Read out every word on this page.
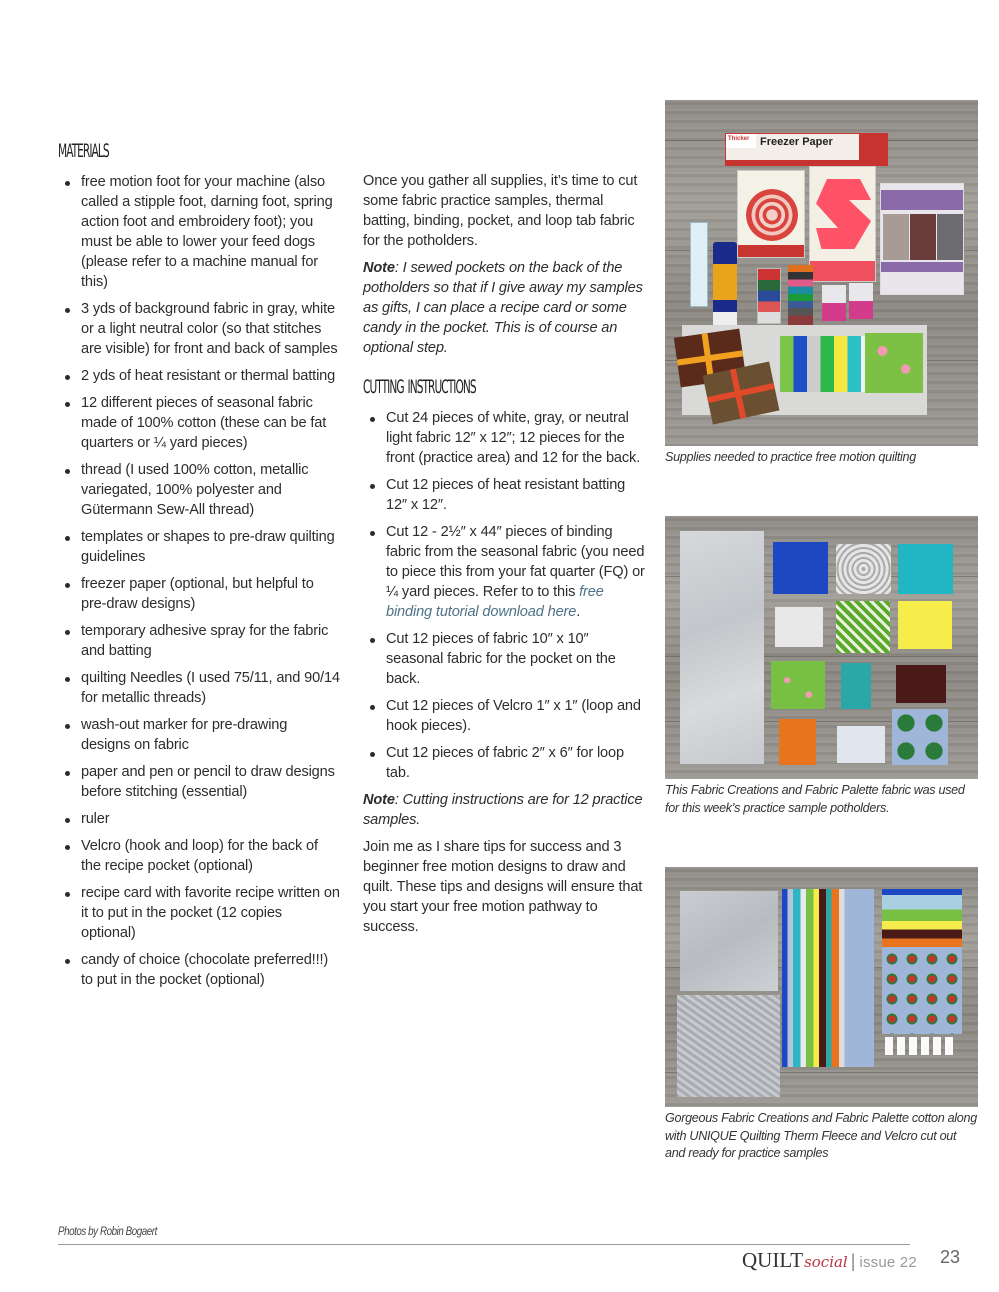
materials
free motion foot for your machine (also called a stipple foot, darning foot, spring action foot and embroidery foot); you must be able to lower your feed dogs (please refer to a machine manual for this)
3 yds of background fabric in gray, white or a light neutral color (so that stitches are visible) for front and back of samples
2 yds of heat resistant or thermal batting
12 different pieces of seasonal fabric made of 100% cotton (these can be fat quarters or ¼ yard pieces)
thread (I used 100% cotton, metallic variegated, 100% polyester and Gütermann Sew-All thread)
templates or shapes to pre-draw quilting guidelines
freezer paper (optional, but helpful to pre-draw designs)
temporary adhesive spray for the fabric and batting
quilting Needles (I used 75/11, and 90/14 for metallic threads)
wash-out marker for pre-drawing designs on fabric
paper and pen or pencil to draw designs before stitching (essential)
ruler
Velcro (hook and loop) for the back of the recipe pocket (optional)
recipe card with favorite recipe written on it to put in the pocket (12 copies optional)
candy of choice (chocolate preferred!!!) to put in the pocket (optional)

Once you gather all supplies, it’s time to cut some fabric practice samples, thermal batting, binding, pocket, and loop tab fabric for the potholders.

Note: I sewed pockets on the back of the potholders so that if I give away my samples as gifts, I can place a recipe card or some candy in the pocket. This is of course an optional step.

cutting instructions
Cut 24 pieces of white, gray, or neutral light fabric 12″ x 12″; 12 pieces for the front (practice area) and 12 for the back.
Cut 12 pieces of heat resistant batting 12″ x 12″.
Cut 12 - 2½″ x 44″ pieces of binding fabric from the seasonal fabric (you need to piece this from your fat quarter (FQ) or ¼ yard pieces. Refer to to this free binding tutorial download here.
Cut 12 pieces of fabric 10″ x 10″ seasonal fabric for the pocket on the back.
Cut 12 pieces of Velcro 1″ x 1″ (loop and hook pieces).
Cut 12 pieces of fabric 2″ x 6″ for loop tab.

Note: Cutting instructions are for 12 practice samples.

Join me as I share tips for success and 3 beginner free motion designs to draw and quilt. These tips and designs will ensure that you start your free motion pathway to success.

Thicker Freezer Paper
Supplies needed to practice free motion quilting
This Fabric Creations and Fabric Palette fabric was used for this week’s practice sample potholders.
Gorgeous Fabric Creations and Fabric Palette cotton along with UNIQUE Quilting Therm Fleece and Velcro cut out and ready for practice samples
Photos by Robin Bogaert
QUILT social | issue 22 23
